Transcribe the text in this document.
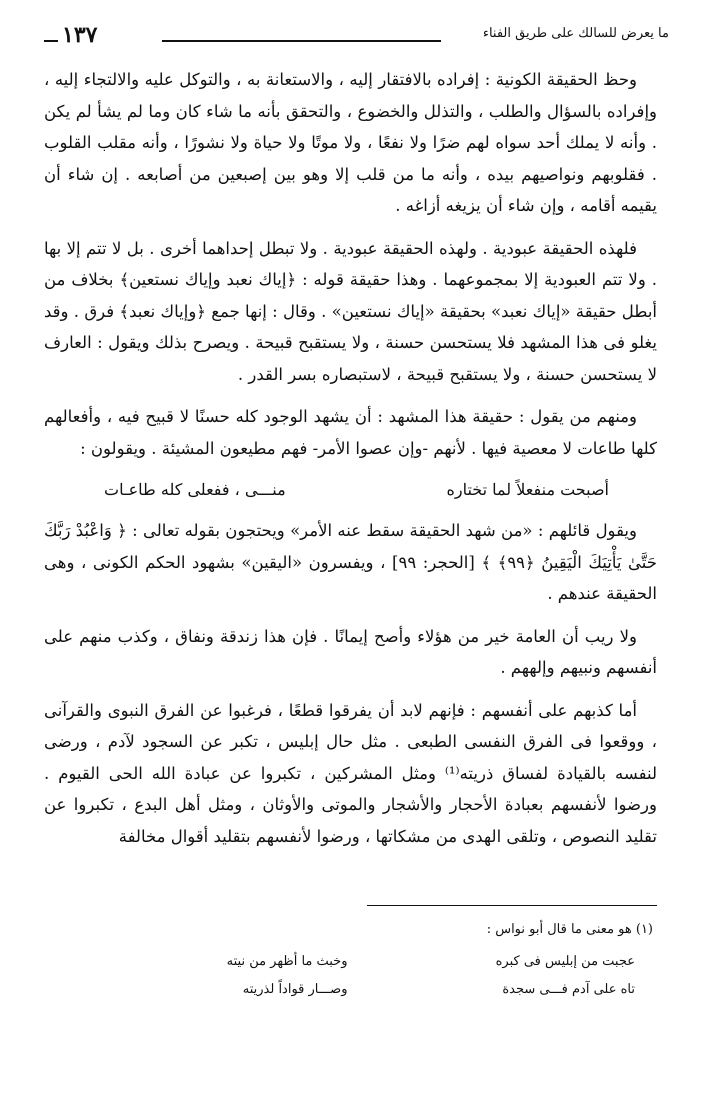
ما يعرض للسالك على طريق الفناء
١٣٧

وحظ الحقيقة الكونية : إفراده بالافتقار إليه ، والاستعانة به ، والتوكل عليه والالتجاء إليه ، وإفراده بالسؤال والطلب ، والتذلل والخضوع ، والتحقق بأنه ما شاء كان وما لم يشأ لم يكن . وأنه لا يملك أحد سواه لهم ضرًا ولا نفعًا ، ولا موتًا ولا حياة ولا نشورًا ، وأنه مقلب القلوب . فقلوبهم ونواصيهم بيده ، وأنه ما من قلب إلا وهو بين إصبعين من أصابعه . إن شاء أن يقيمه أقامه ، وإن شاء أن يزيغه أزاغه .

فلهذه الحقيقة عبودية . ولهذه الحقيقة عبودية . ولا تبطل إحداهما أخرى . بل لا تتم إلا بها . ولا تتم العبودية إلا بمجموعهما . وهذا حقيقة قوله : ﴿إياك نعبد وإياك نستعين﴾ بخلاف من أبطل حقيقة «إياك نعبد» بحقيقة «إياك نستعين» . وقال : إنها جمع ﴿وإياك نعبد﴾ فرق . وقد يغلو فى هذا المشهد فلا يستحسن حسنة ، ولا يستقبح قبيحة . ويصرح بذلك ويقول : العارف لا يستحسن حسنة ، ولا يستقبح قبيحة ، لاستبصاره بسر القدر .

ومنهم من يقول : حقيقة هذا المشهد : أن يشهد الوجود كله حسنًا لا قبيح فيه ، وأفعالهم كلها طاعات لا معصية فيها . لأنهم -وإن عصوا الأمر- فهم مطيعون المشيئة . ويقولون :

أصبحت منفعلاً لما تختاره
منـــى ، ففعلى كله طاعـات

ويقول قائلهم : «من شهد الحقيقة سقط عنه الأمر» ويحتجون بقوله تعالى : ﴿ وَاعْبُدْ رَبَّكَ حَتَّىٰ يَأْتِيَكَ الْيَقِينُ ﴿٩٩﴾ ﴾ [الحجر: ٩٩] ، ويفسرون «اليقين» بشهود الحكم الكونى ، وهى الحقيقة عندهم .

ولا ريب أن العامة خير من هؤلاء وأصح إيمانًا . فإن هذا زندقة ونفاق ، وكذب منهم على أنفسهم ونبيهم وإلههم .

أما كذبهم على أنفسهم : فإنهم لابد أن يفرقوا قطعًا ، فرغبوا عن الفرق النبوى والقرآنى ، ووقعوا فى الفرق النفسى الطبعى . مثل حال إبليس ، تكبر عن السجود لآدم ، ورضى لنفسه بالقيادة لفساق ذريته⁽¹⁾ ومثل المشركين ، تكبروا عن عبادة الله الحى القيوم . ورضوا لأنفسهم بعبادة الأحجار والأشجار والموتى والأوثان ، ومثل أهل البدع ، تكبروا عن تقليد النصوص ، وتلقى الهدى من مشكاتها ، ورضوا لأنفسهم بتقليد أقوال مخالفة

(١) هو معنى ما قال أبو نواس :
عجبت من إبليس فى كبره
وخبث ما أظهر من نيته
تاه على آدم فـــى سجدة
وصـــار قواداً لذريته
